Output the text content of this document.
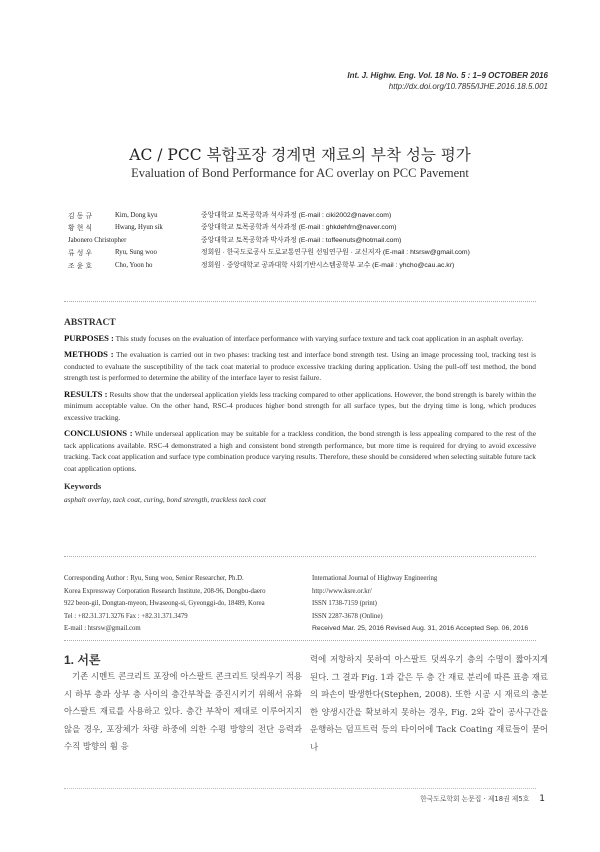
Int. J. Highw. Eng. Vol. 18 No. 5 : 1–9 OCTOBER 2016
http://dx.doi.org/10.7855/IJHE.2016.18.5.001
AC / PCC 복합포장 경계면 재료의 부착 성능 평가
Evaluation of Bond Performance for AC overlay on PCC Pavement
김 동 규	Kim, Dong kyu	중앙대학교 토목공학과 석사과정 (E-mail : ciki2002@naver.com)
황 현 식	Hwang, Hyun sik	중앙대학교 토목공학과 석사과정 (E-mail : ghkdehfrn@naver.com)
Jabonero Christopher	중앙대학교 토목공학과 박사과정 (E-mail : toffeenuts@hotmail.com)
류 성 우	Ryu, Sung woo	정회원 · 한국도로공사 도로교통연구원 선임연구원 · 교신저자 (E-mail : htsrsw@gmail.com)
조 윤 호	Cho, Yoon ho	정회원 · 중앙대학교 공과대학 사회기반시스템공학부 교수 (E-mail : yhcho@cau.ac.kr)
ABSTRACT

PURPOSES : This study focuses on the evaluation of interface performance with varying surface texture and tack coat application in an asphalt overlay.

METHODS : The evaluation is carried out in two phases: tracking test and interface bond strength test. Using an image processing tool, tracking test is conducted to evaluate the susceptibility of the tack coat material to produce excessive tracking during application. Using the pull-off test method, the bond strength test is performed to determine the ability of the interface layer to resist failure.

RESULTS : Results show that the underseal application yields less tracking compared to other applications. However, the bond strength is barely within the minimum acceptable value. On the other hand, RSC-4 produces higher bond strength for all surface types, but the drying time is long, which produces excessive tracking.

CONCLUSIONS : While underseal application may be suitable for a trackless condition, the bond strength is less appealing compared to the rest of the tack applications available. RSC-4 demonstrated a high and consistent bond strength performance, but more time is required for drying to avoid excessive tracking. Tack coat application and surface type combination produce varying results. Therefore, these should be considered when selecting suitable future tack coat application options.

Keywords

asphalt overlay, tack coat, curing, bond strength, trackless tack coat

Corresponding Author : Ryu, Sung woo, Senior Researcher, Ph.D.
Korea Expressway Corporation Research Institute, 208-96, Dongbu-daero
922 beon-gil, Dongtan-myeon, Hwaseong-si, Gyeonggi-do, 18489, Korea
Tel : +82.31.371.3276 Fax : +82.31.371.3479
E-mail : htsrsw@gmail.com
International Journal of Highway Engineering
http://www.ksre.or.kr/
ISSN 1738-7159 (print)
ISSN 2287-3678 (Online)
Received Mar. 25, 2016 Revised Aug. 31, 2016 Accepted Sep. 06, 2016
1. 서론

기존 시멘트 콘크리트 포장에 아스팔트 콘크리트 덧씌우기 적용 시 하부 층과 상부 층 사이의 층간부착을 증진시키기 위해서 유화 아스팔트 재료를 사용하고 있다. 층간 부착이 제대로 이루어지지 않을 경우, 포장체가 차량 하중에 의한 수평 방향의 전단 응력과 수직 방향의 휨 응

력에 저항하지 못하여 아스팔트 덧씌우기 층의 수명이 짧아지게 된다. 그 결과 Fig. 1과 같은 두 층 간 재료 분리에 따른 표층 재료의 파손이 발생한다(Stephen, 2008). 또한 시공 시 재료의 충분한 양생시간을 확보하지 못하는 경우, Fig. 2와 같이 공사구간을 운행하는 덤프트럭 등의 타이어에 Tack Coating 재료들이 묻어 나

한국도로학회 논문집 · 제18권 제5호 1
